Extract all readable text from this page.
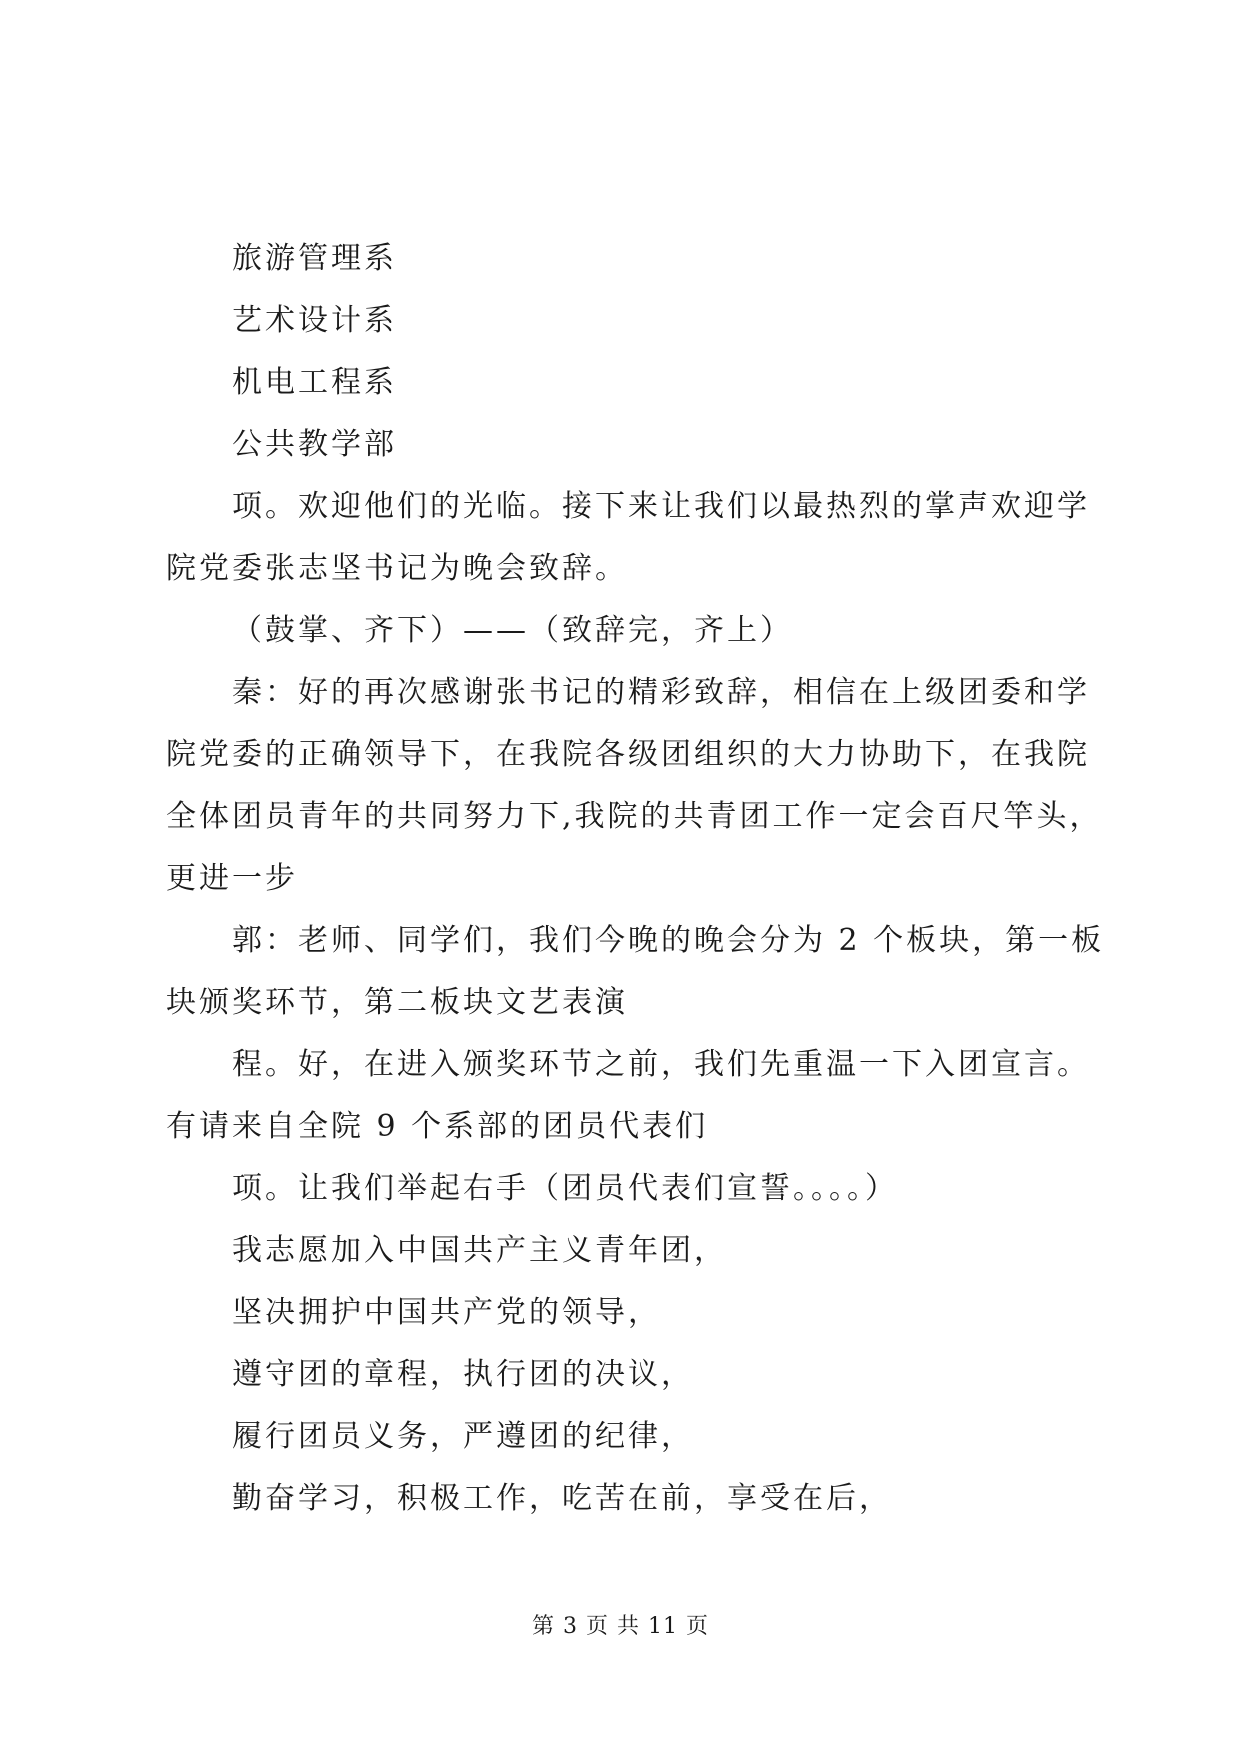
旅游管理系
艺术设计系
机电工程系
公共教学部
项。欢迎他们的光临。接下来让我们以最热烈的掌声欢迎学
院党委张志坚书记为晚会致辞。
（鼓掌、齐下）——（致辞完，齐上）
秦：好的再次感谢张书记的精彩致辞，相信在上级团委和学
院党委的正确领导下，在我院各级团组织的大力协助下，在我院
全体团员青年的共同努力下,我院的共青团工作一定会百尺竿头，
更进一步
郭：老师、同学们，我们今晚的晚会分为 2 个板块，第一板
块颁奖环节，第二板块文艺表演
程。好，在进入颁奖环节之前，我们先重温一下入团宣言。
有请来自全院 9 个系部的团员代表们
项。让我们举起右手（团员代表们宣誓。。。。）
我志愿加入中国共产主义青年团，
坚决拥护中国共产党的领导，
遵守团的章程，执行团的决议，
履行团员义务，严遵团的纪律，
勤奋学习，积极工作，吃苦在前，享受在后，
第 3 页 共 11 页
